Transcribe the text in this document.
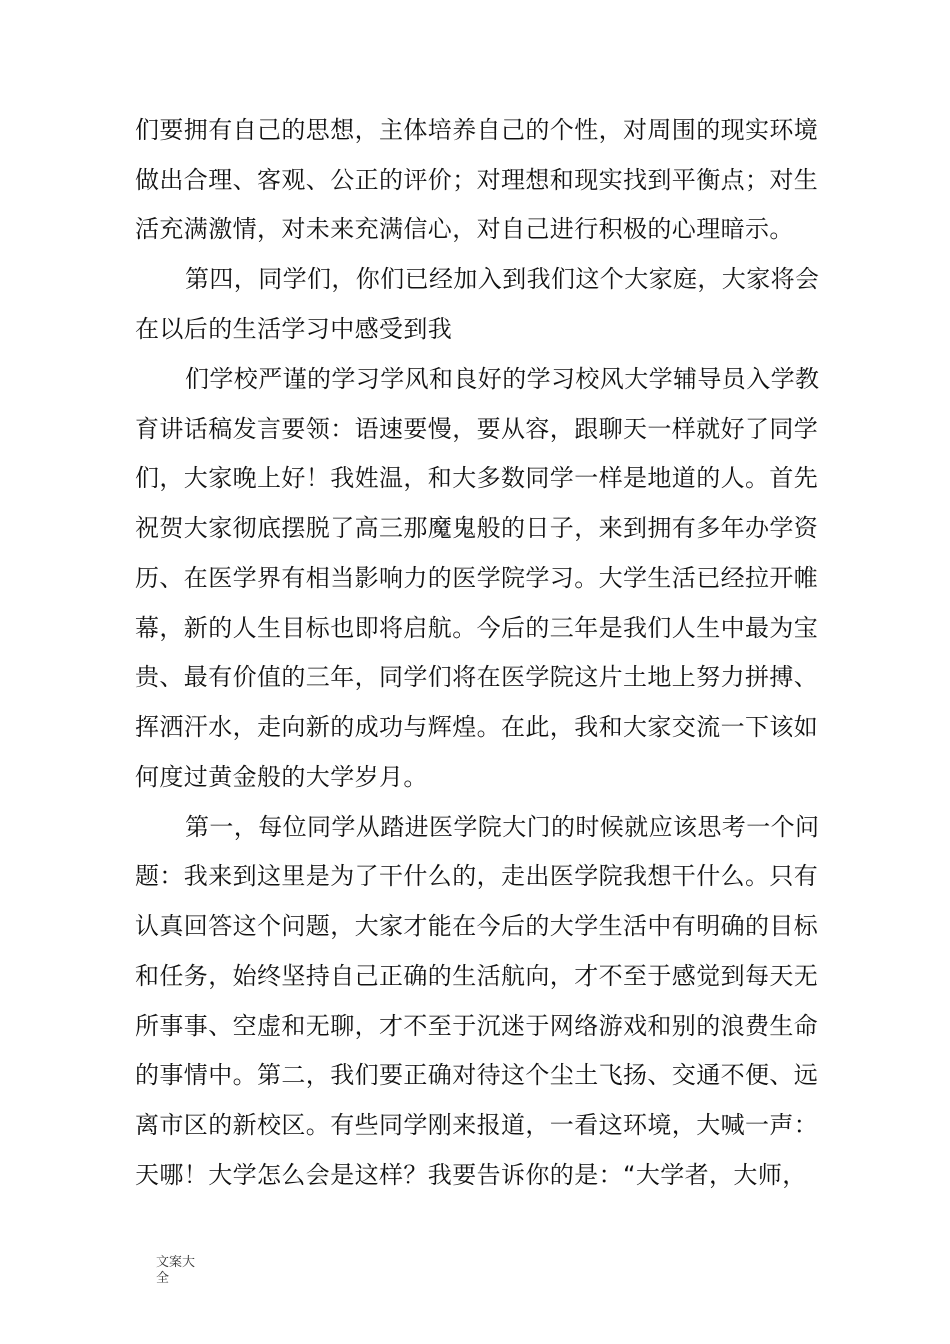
们要拥有自己的思想，主体培养自己的个性，对周围的现实环境
做出合理、客观、公正的评价；对理想和现实找到平衡点；对生
活充满激情，对未来充满信心，对自己进行积极的心理暗示。
第四，同学们，你们已经加入到我们这个大家庭，大家将会
在以后的生活学习中感受到我
们学校严谨的学习学风和良好的学习校风大学辅导员入学教
育讲话稿发言要领：语速要慢，要从容，跟聊天一样就好了同学
们，大家晚上好！我姓温，和大多数同学一样是地道的人。首先
祝贺大家彻底摆脱了高三那魔鬼般的日子，来到拥有多年办学资
历、在医学界有相当影响力的医学院学习。大学生活已经拉开帷
幕，新的人生目标也即将启航。今后的三年是我们人生中最为宝
贵、最有价值的三年，同学们将在医学院这片土地上努力拼搏、
挥洒汗水，走向新的成功与辉煌。在此，我和大家交流一下该如
何度过黄金般的大学岁月。
第一，每位同学从踏进医学院大门的时候就应该思考一个问
题：我来到这里是为了干什么的，走出医学院我想干什么。只有
认真回答这个问题，大家才能在今后的大学生活中有明确的目标
和任务，始终坚持自己正确的生活航向，才不至于感觉到每天无
所事事、空虚和无聊，才不至于沉迷于网络游戏和别的浪费生命
的事情中。第二，我们要正确对待这个尘土飞扬、交通不便、远
离市区的新校区。有些同学刚来报道，一看这环境，大喊一声：
天哪！大学怎么会是这样？我要告诉你的是：“大学者，大师，
文案大
全
